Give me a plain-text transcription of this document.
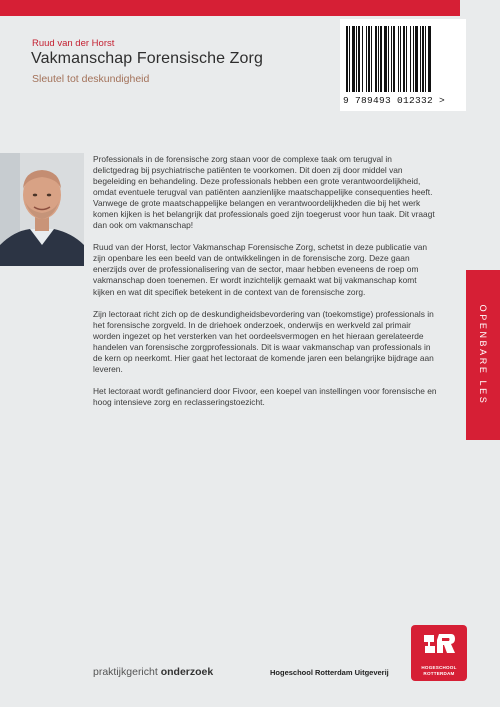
Ruud van der Horst
Vakmanschap Forensische Zorg
Sleutel tot deskundigheid
9 789493 012332 >

Professionals in de forensische zorg staan voor de complexe taak om terugval in delictgedrag bij psychiatrische patiënten te voorkomen. Dit doen zij door middel van begeleiding en behandeling. Deze professionals hebben een grote verantwoordelijkheid, omdat eventuele terugval van patiënten aanzienlijke maatschappelijke consequenties heeft. Vanwege de grote maatschappelijke belangen en verantwoordelijkheden die bij het werk komen kijken is het belangrijk dat professionals goed zijn toegerust voor hun taak. Dit vraagt dan ook om vakmanschap!

Ruud van der Horst, lector Vakmanschap Forensische Zorg, schetst in deze publicatie van zijn openbare les een beeld van de ontwikkelingen in de forensische zorg. Deze gaan enerzijds over de professionalisering van de sector, maar hebben eveneens de roep om vakmanschap doen toenemen. Er wordt inzichtelijk gemaakt wat bij vakmanschap komt kijken en wat dit specifiek betekent in de context van de forensische zorg.

Zijn lectoraat richt zich op de deskundigheidsbevordering van (toekomstige) professionals in het forensische zorgveld. In de driehoek onderzoek, onderwijs en werkveld zal primair worden ingezet op het versterken van het oordeelsvermogen en het hieraan gerelateerde handelen van forensische zorgprofessionals. Dit is waar vakmanschap van professionals in de kern op neerkomt. Hier gaat het lectoraat de komende jaren een belangrijke bijdrage aan leveren.

Het lectoraat wordt gefinancierd door Fivoor, een koepel van instellingen voor forensische en hoog intensieve zorg en reclasseringstoezicht.	OPENBARE LES
praktijkgericht onderzoek	Hogeschool Rotterdam Uitgeverij
HOGESCHOOL
ROTTERDAM
